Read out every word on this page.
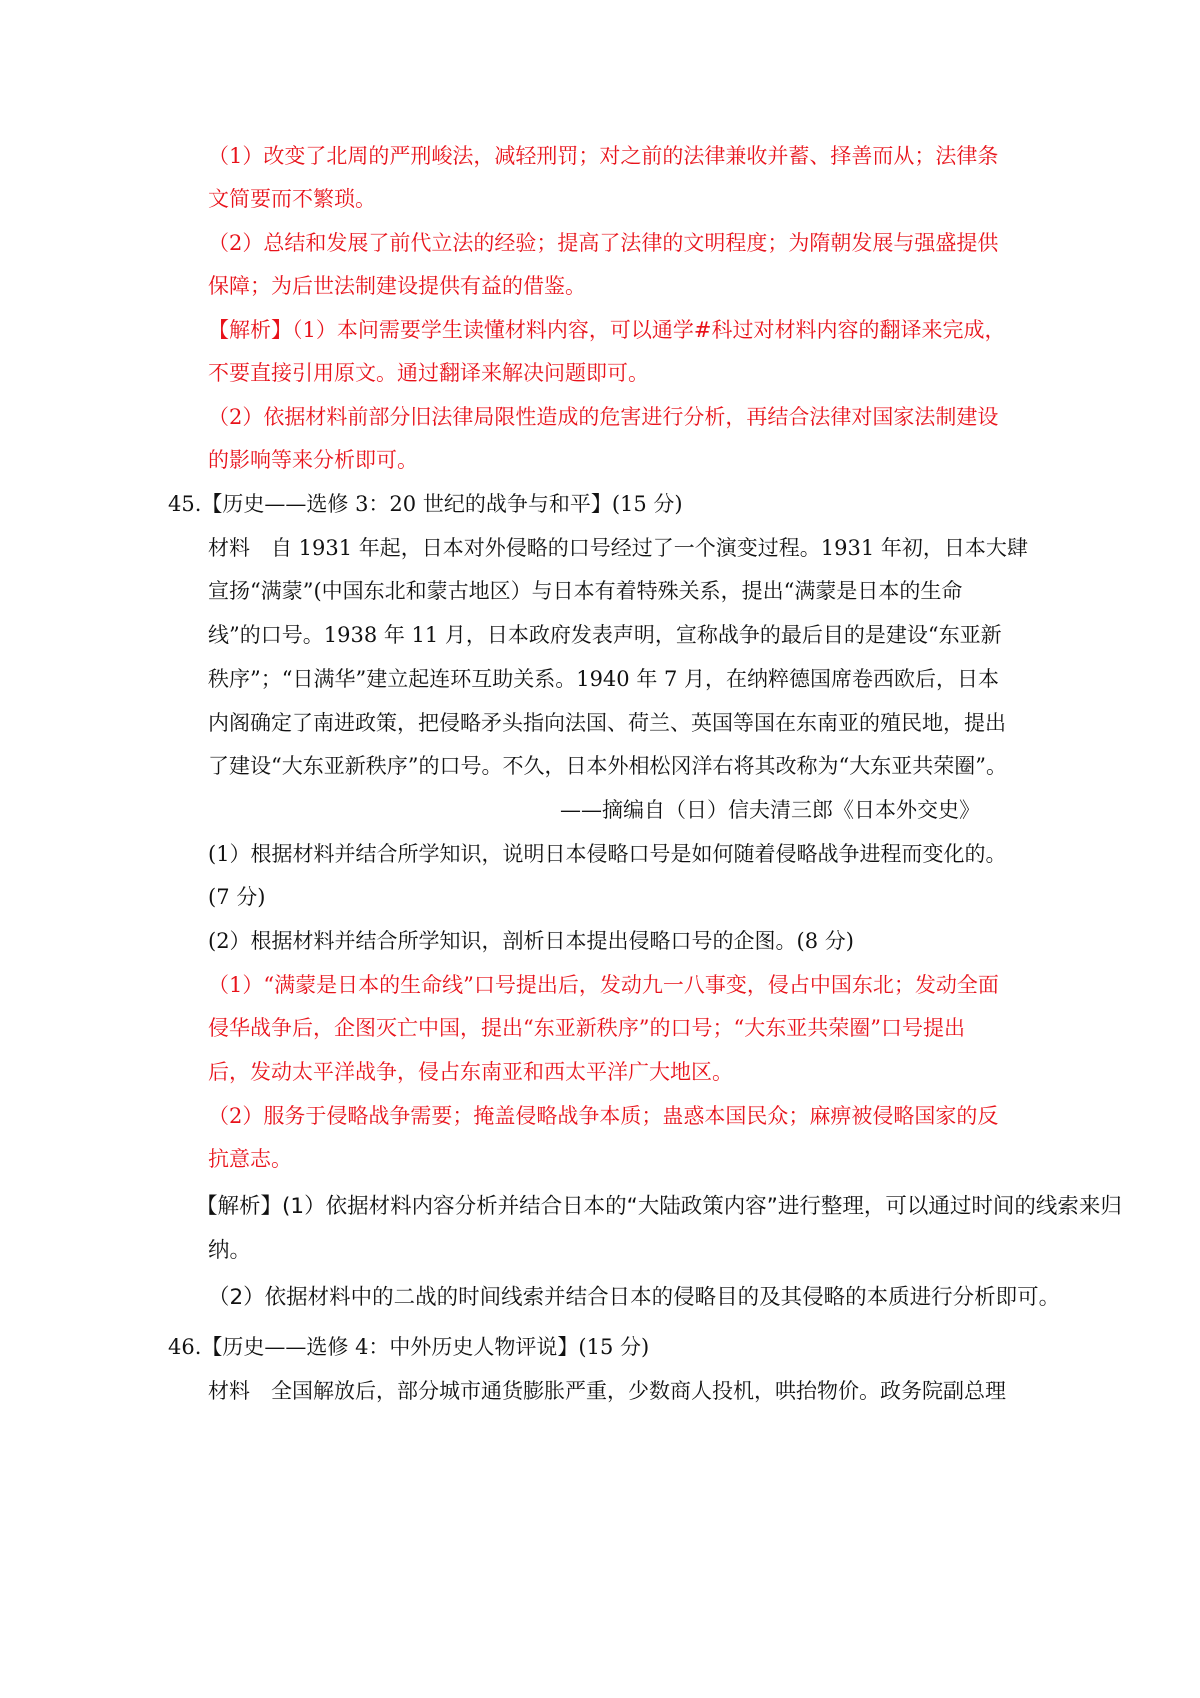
（1）改变了北周的严刑峻法，减轻刑罚；对之前的法律兼收并蓄、择善而从；法律条
文简要而不繁琐。
（2）总结和发展了前代立法的经验；提高了法律的文明程度；为隋朝发展与强盛提供
保障；为后世法制建设提供有益的借鉴。
【解析】（1）本问需要学生读懂材料内容，可以通学#科过对材料内容的翻译来完成，
不要直接引用原文。通过翻译来解决问题即可。
（2）依据材料前部分旧法律局限性造成的危害进行分析，再结合法律对国家法制建设
的影响等来分析即可。
45.【历史——选修 3：20 世纪的战争与和平】(15 分)
材料　自 1931 年起，日本对外侵略的口号经过了一个演变过程。1931 年初，日本大肆
宣扬“满蒙”(中国东北和蒙古地区）与日本有着特殊关系，提出“满蒙是日本的生命
线”的口号。1938 年 11 月，日本政府发表声明，宣称战争的最后目的是建设“东亚新
秩序”；“日满华”建立起连环互助关系。1940 年 7 月，在纳粹德国席卷西欧后，日本
内阁确定了南进政策，把侵略矛头指向法国、荷兰、英国等国在东南亚的殖民地，提出
了建设“大东亚新秩序”的口号。不久，日本外相松冈洋右将其改称为“大东亚共荣圈”。
——摘编自（日）信夫清三郎《日本外交史》
(1）根据材料并结合所学知识，说明日本侵略口号是如何随着侵略战争进程而变化的。
(7 分)
(2）根据材料并结合所学知识，剖析日本提出侵略口号的企图。(8 分)
（1）“满蒙是日本的生命线”口号提出后，发动九一八事变，侵占中国东北；发动全面
侵华战争后，企图灭亡中国，提出“东亚新秩序”的口号；“大东亚共荣圈”口号提出
后，发动太平洋战争，侵占东南亚和西太平洋广大地区。
（2）服务于侵略战争需要；掩盖侵略战争本质；蛊惑本国民众；麻痹被侵略国家的反
抗意志。
【解析】(1）依据材料内容分析并结合日本的“大陆政策内容”进行整理，可以通过时间的线索来归
纳。
（2）依据材料中的二战的时间线索并结合日本的侵略目的及其侵略的本质进行分析即可。
46.【历史——选修 4：中外历史人物评说】(15 分)
材料　全国解放后，部分城市通货膨胀严重，少数商人投机，哄抬物价。政务院副总理
